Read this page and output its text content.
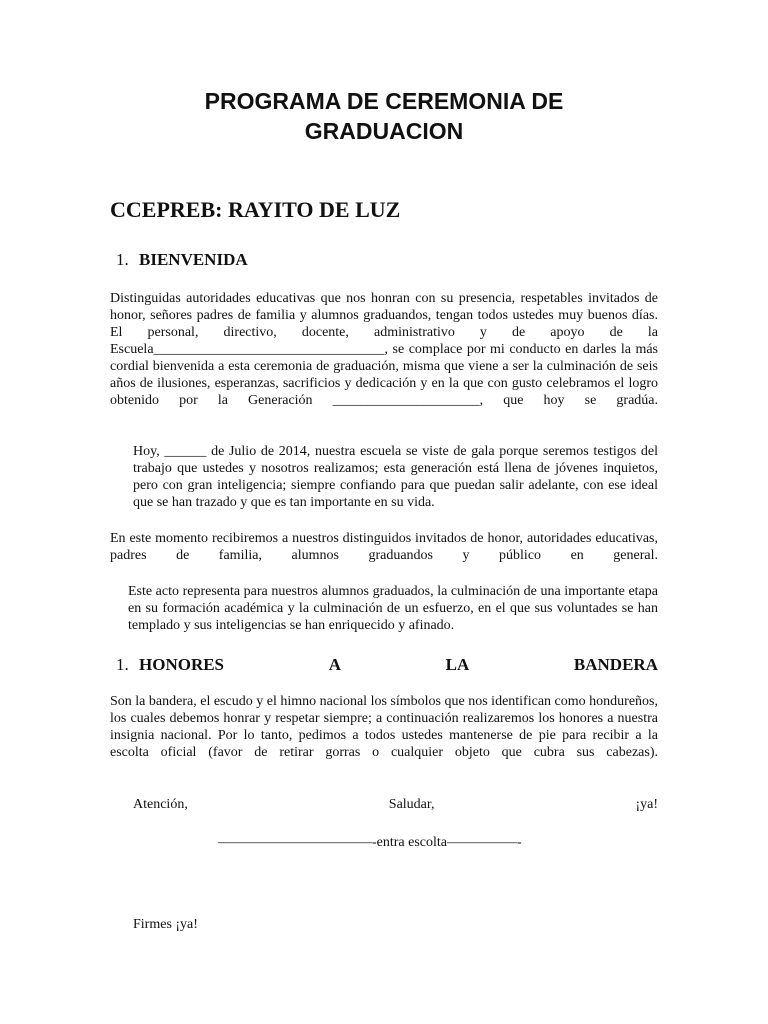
PROGRAMA DE CEREMONIA DE
GRADUACION
CCEPREB: RAYITO DE LUZ
1. BIENVENIDA
Distinguidas autoridades educativas que nos honran con su presencia, respetables invitados de honor, señores padres de familia y alumnos graduandos, tengan todos ustedes muy buenos días. El personal, directivo, docente, administrativo y de apoyo de la Escuela_________________________________, se complace por mi conducto en darles la más cordial bienvenida a esta ceremonia de graduación, misma que viene a ser la culminación de seis años de ilusiones, esperanzas, sacrificios y dedicación y en la que con gusto celebramos el logro obtenido por la Generación _____________________, que hoy se gradúa.
Hoy, ______ de Julio de 2014, nuestra escuela se viste de gala porque seremos testigos del trabajo que ustedes y nosotros realizamos; esta generación está llena de jóvenes inquietos, pero con gran inteligencia; siempre confiando para que puedan salir adelante, con ese ideal que se han trazado y que es tan importante en su vida.
En este momento recibiremos a nuestros distinguidos invitados de honor, autoridades educativas, padres de familia, alumnos graduandos y público en general.
Este acto representa para nuestros alumnos graduados, la culminación de una importante etapa en su formación académica y la culminación de un esfuerzo, en el que sus voluntades se han templado y sus inteligencias se han enriquecido y afinado.
1. HONORES	A	LA	BANDERA
Son la bandera, el escudo y el himno nacional los símbolos que nos identifican como hondureños, los cuales debemos honrar y respetar siempre; a continuación realizaremos los honores a nuestra insignia nacional. Por lo tanto, pedimos a todos ustedes mantenerse de pie para recibir a la escolta oficial (favor de retirar gorras o cualquier objeto que cubra sus cabezas).
Atención,	Saludar,	¡ya!
———————————-entra escolta—————-
Firmes ¡ya!
